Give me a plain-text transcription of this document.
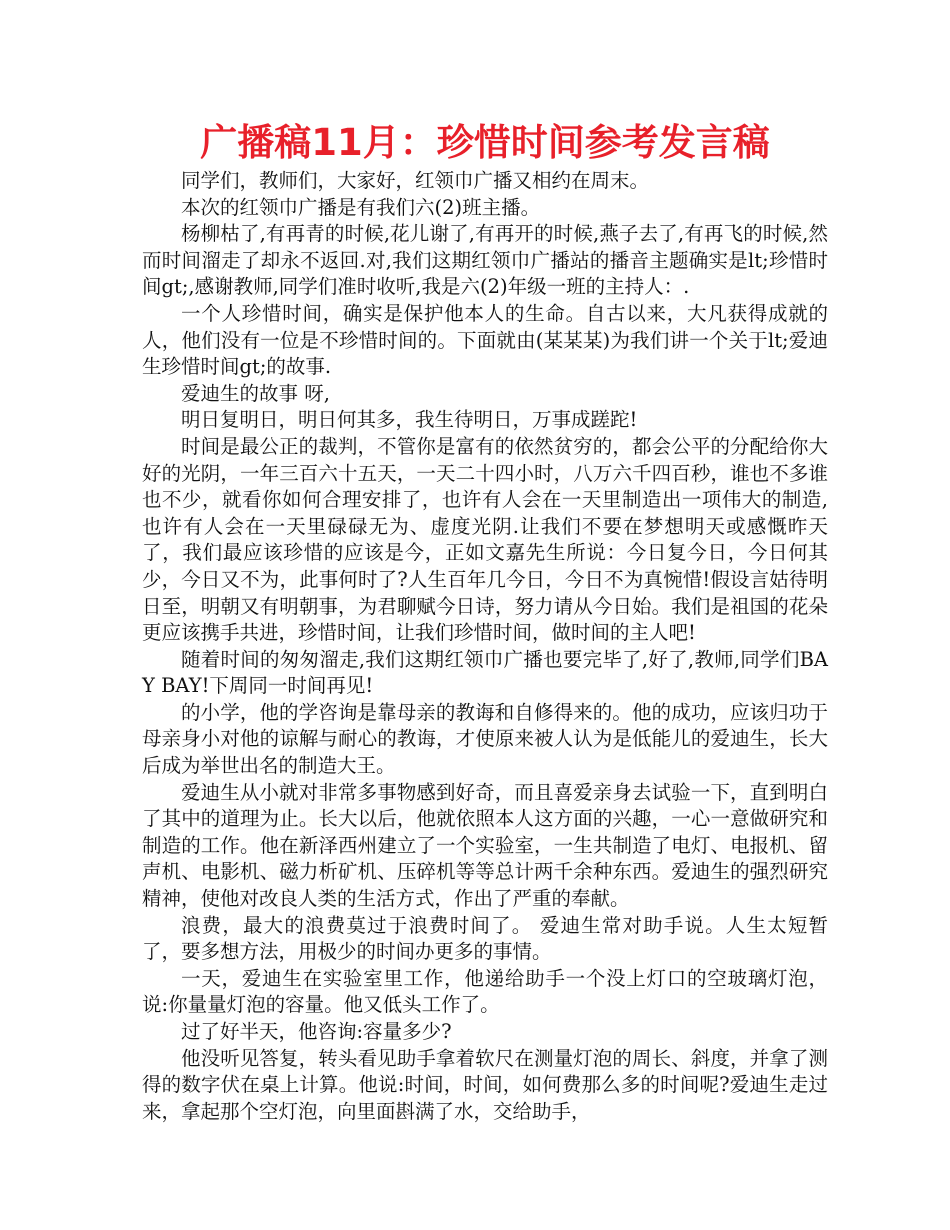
广播稿11月：珍惜时间参考发言稿

同学们，教师们，大家好，红领巾广播又相约在周末。

本次的红领巾广播是有我们六(2)班主播。

杨柳枯了,有再青的时候,花儿谢了,有再开的时候,燕子去了,有再飞的时候,然而时间溜走了却永不返回.对,我们这期红领巾广播站的播音主题确实是lt;珍惜时间gt;,感谢教师,同学们准时收听,我是六(2)年级一班的主持人：.

一个人珍惜时间，确实是保护他本人的生命。自古以来，大凡获得成就的人，他们没有一位是不珍惜时间的。下面就由(某某某)为我们讲一个关于lt;爱迪生珍惜时间gt;的故事.

爱迪生的故事 呀,

明日复明日，明日何其多，我生待明日，万事成蹉跎!

时间是最公正的裁判，不管你是富有的依然贫穷的，都会公平的分配给你大好的光阴，一年三百六十五天，一天二十四小时，八万六千四百秒，谁也不多谁也不少，就看你如何合理安排了，也许有人会在一天里制造出一项伟大的制造,也许有人会在一天里碌碌无为、虚度光阴.让我们不要在梦想明天或感慨昨天了，我们最应该珍惜的应该是今，正如文嘉先生所说：今日复今日，今日何其少，今日又不为，此事何时了?人生百年几今日，今日不为真惋惜!假设言姑待明日至，明朝又有明朝事，为君聊赋今日诗，努力请从今日始。我们是祖国的花朵更应该携手共进，珍惜时间，让我们珍惜时间，做时间的主人吧!

随着时间的匆匆溜走,我们这期红领巾广播也要完毕了,好了,教师,同学们BAY BAY!下周同一时间再见!

的小学，他的学咨询是靠母亲的教诲和自修得来的。他的成功，应该归功于母亲身小对他的谅解与耐心的教诲，才使原来被人认为是低能儿的爱迪生，长大后成为举世出名的制造大王。

爱迪生从小就对非常多事物感到好奇，而且喜爱亲身去试验一下，直到明白了其中的道理为止。长大以后，他就依照本人这方面的兴趣，一心一意做研究和制造的工作。他在新泽西州建立了一个实验室，一生共制造了电灯、电报机、留声机、电影机、磁力析矿机、压碎机等等总计两千余种东西。爱迪生的强烈研究精神，使他对改良人类的生活方式，作出了严重的奉献。

浪费，最大的浪费莫过于浪费时间了。 爱迪生常对助手说。人生太短暂了，要多想方法，用极少的时间办更多的事情。

一天，爱迪生在实验室里工作，他递给助手一个没上灯口的空玻璃灯泡，说:你量量灯泡的容量。他又低头工作了。

过了好半天，他咨询:容量多少?

他没听见答复，转头看见助手拿着软尺在测量灯泡的周长、斜度，并拿了测得的数字伏在桌上计算。他说:时间，时间，如何费那么多的时间呢?爱迪生走过来，拿起那个空灯泡，向里面斟满了水，交给助手，
